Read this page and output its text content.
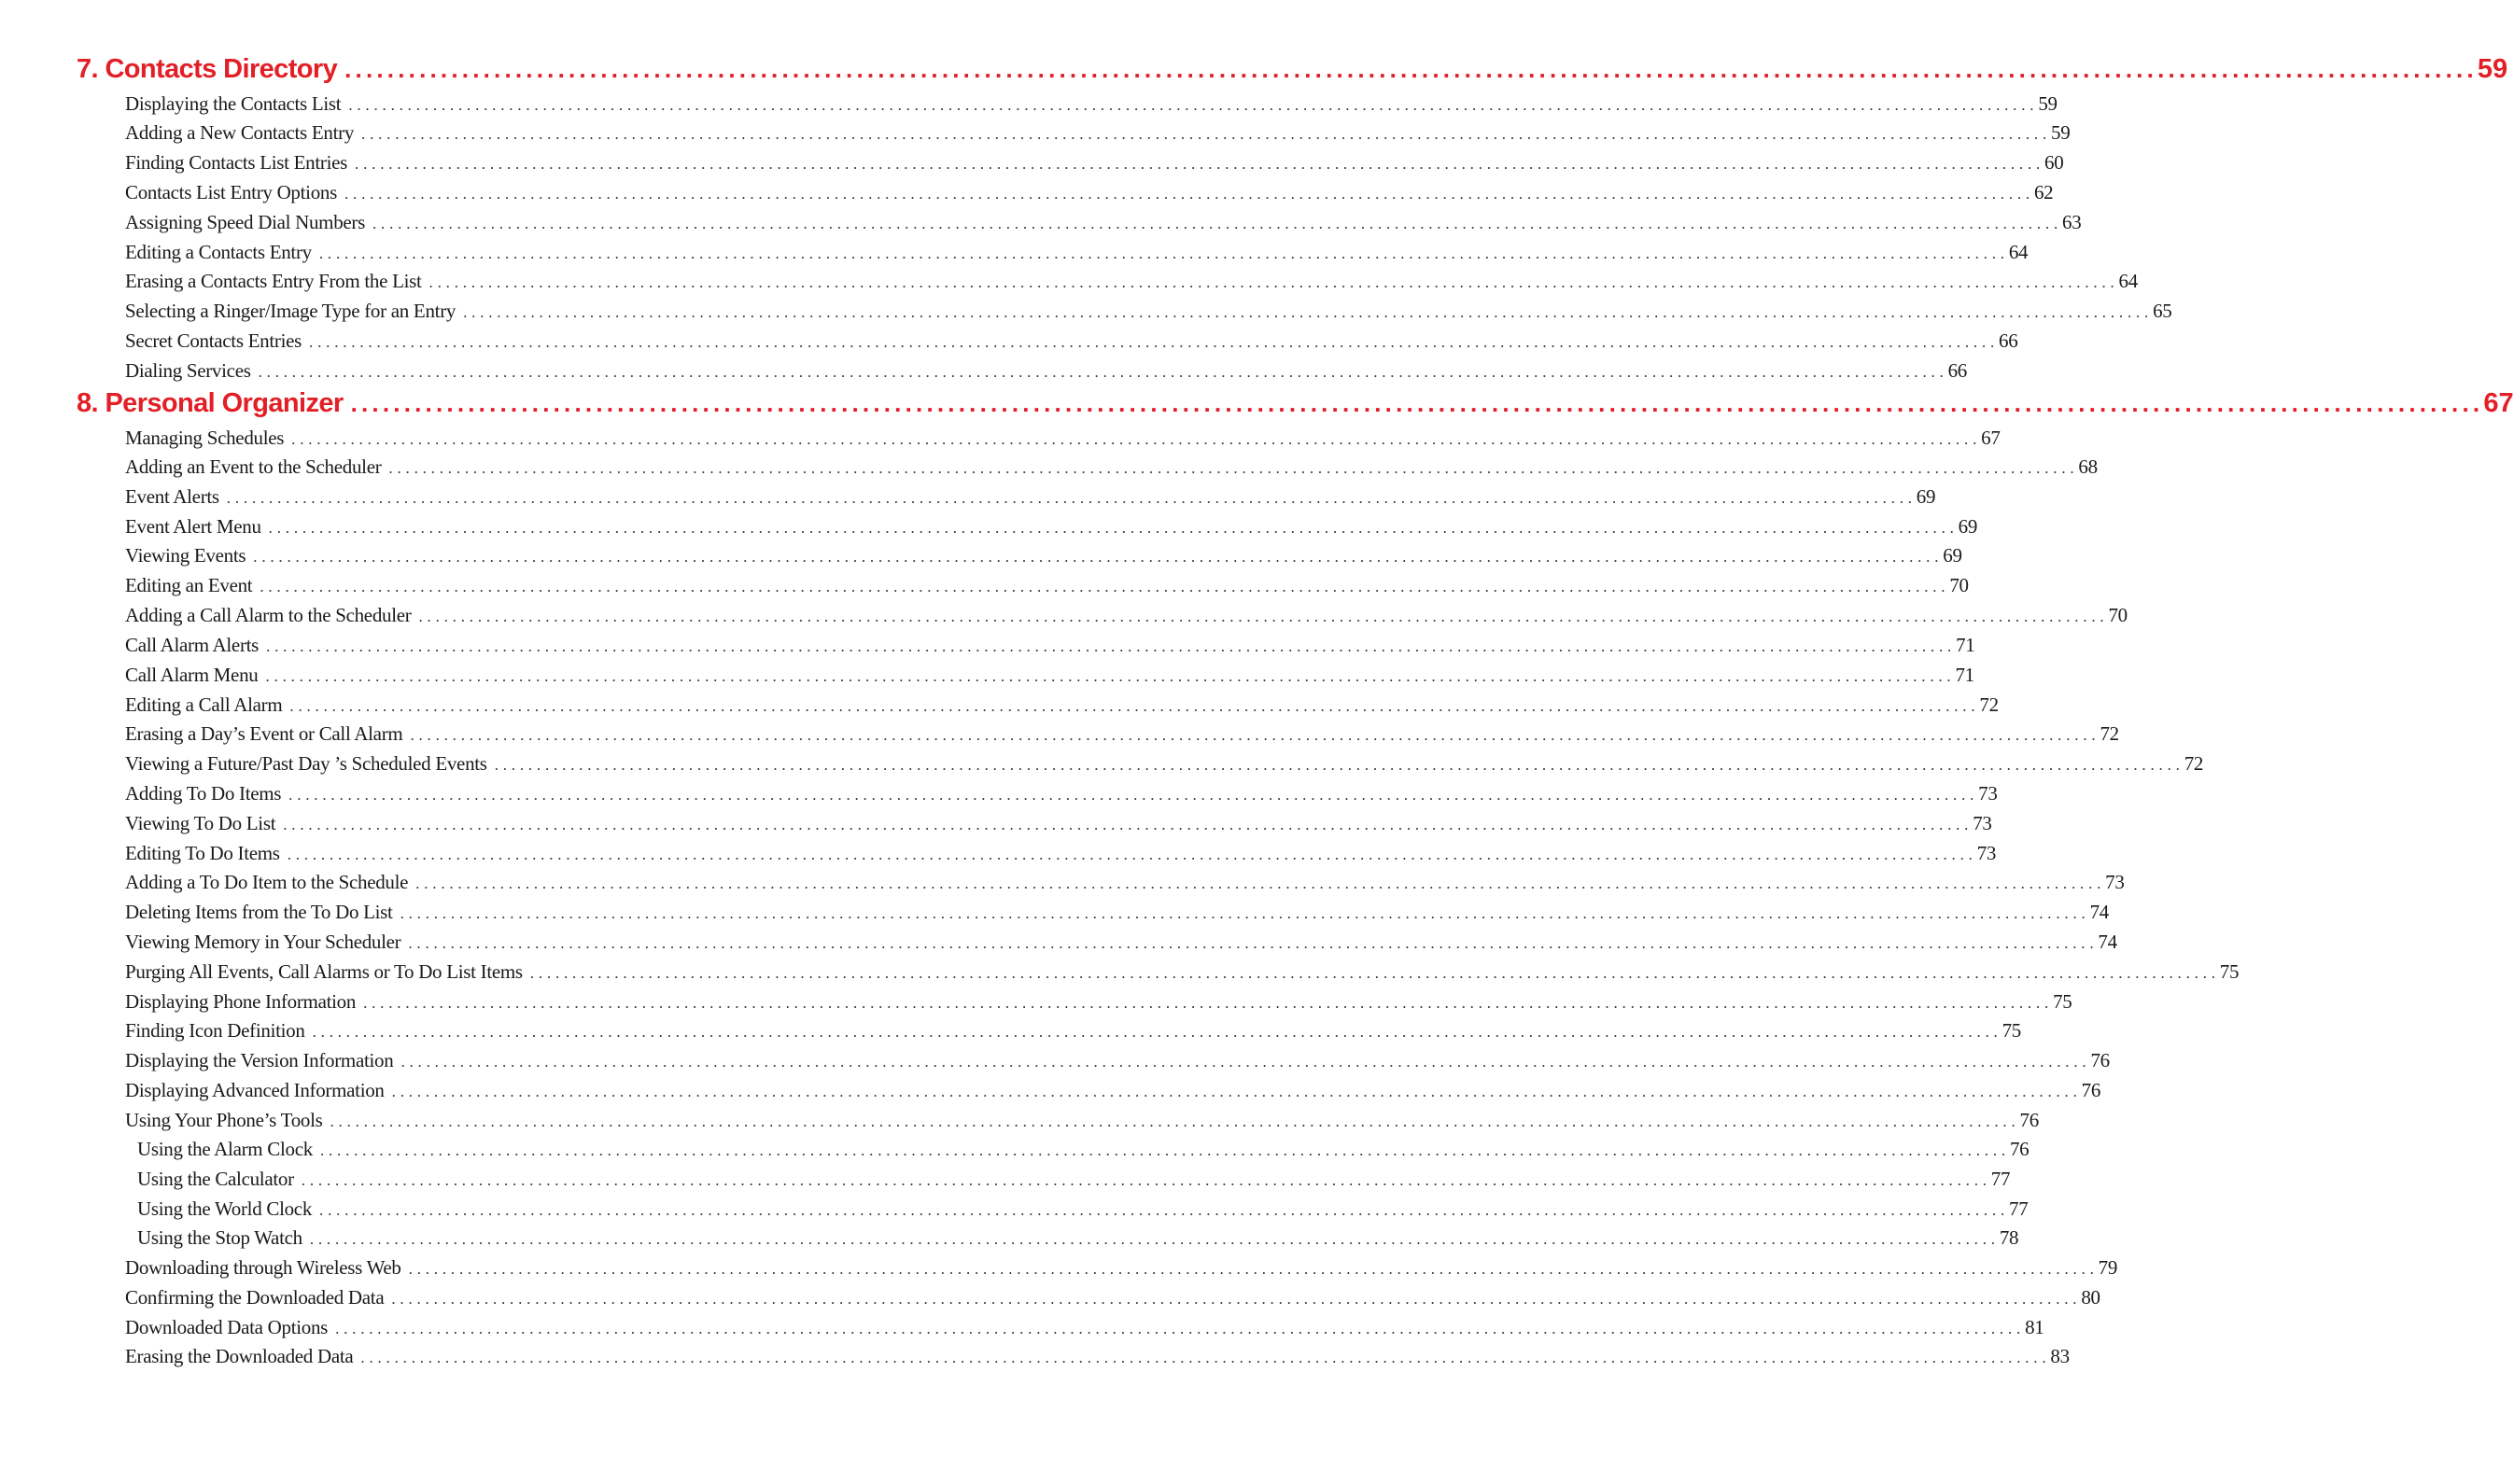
7. Contacts Directory ........................................................................................................................................................................................................ 59
Displaying the Contacts List ........................................................................................................................................................................................................ 59
Adding a New Contacts Entry ........................................................................................................................................................................................................ 59
Finding Contacts List Entries ........................................................................................................................................................................................................ 60
Contacts List Entry Options ........................................................................................................................................................................................................ 62
Assigning Speed Dial Numbers ........................................................................................................................................................................................................ 63
Editing a Contacts Entry ........................................................................................................................................................................................................ 64
Erasing a Contacts Entry From the List ........................................................................................................................................................................................................ 64
Selecting a Ringer/Image Type for an Entry ........................................................................................................................................................................................................ 65
Secret Contacts Entries ........................................................................................................................................................................................................ 66
Dialing Services ........................................................................................................................................................................................................ 66
8. Personal Organizer ........................................................................................................................................................................................................ 67
Managing Schedules ........................................................................................................................................................................................................ 67
Adding an Event to the Scheduler ........................................................................................................................................................................................................ 68
Event Alerts ........................................................................................................................................................................................................ 69
Event Alert Menu ........................................................................................................................................................................................................ 69
Viewing Events ........................................................................................................................................................................................................ 69
Editing an Event ........................................................................................................................................................................................................ 70
Adding a Call Alarm to the Scheduler ........................................................................................................................................................................................................ 70
Call Alarm Alerts ........................................................................................................................................................................................................ 71
Call Alarm Menu ........................................................................................................................................................................................................ 71
Editing a Call Alarm ........................................................................................................................................................................................................ 72
Erasing a Day’s Event or Call Alarm ........................................................................................................................................................................................................ 72
Viewing a Future/Past Day ’s Scheduled Events ........................................................................................................................................................................................................ 72
Adding To Do Items ........................................................................................................................................................................................................ 73
Viewing To Do List ........................................................................................................................................................................................................ 73
Editing To Do Items ........................................................................................................................................................................................................ 73
Adding a To Do Item to the Schedule ........................................................................................................................................................................................................ 73
Deleting Items from the To Do List ........................................................................................................................................................................................................ 74
Viewing Memory in Your Scheduler ........................................................................................................................................................................................................ 74
Purging All Events, Call Alarms or To Do List Items ........................................................................................................................................................................................................ 75
Displaying Phone Information ........................................................................................................................................................................................................ 75
Finding Icon Definition ........................................................................................................................................................................................................ 75
Displaying the Version Information ........................................................................................................................................................................................................ 76
Displaying Advanced Information ........................................................................................................................................................................................................ 76
Using Your Phone’s Tools ........................................................................................................................................................................................................ 76
Using the Alarm Clock ........................................................................................................................................................................................................ 76
Using the Calculator ........................................................................................................................................................................................................ 77
Using the World Clock ........................................................................................................................................................................................................ 77
Using the Stop Watch ........................................................................................................................................................................................................ 78
Downloading through Wireless Web ........................................................................................................................................................................................................ 79
Confirming the Downloaded Data ........................................................................................................................................................................................................ 80
Downloaded Data Options ........................................................................................................................................................................................................ 81
Erasing the Downloaded Data ........................................................................................................................................................................................................ 83
